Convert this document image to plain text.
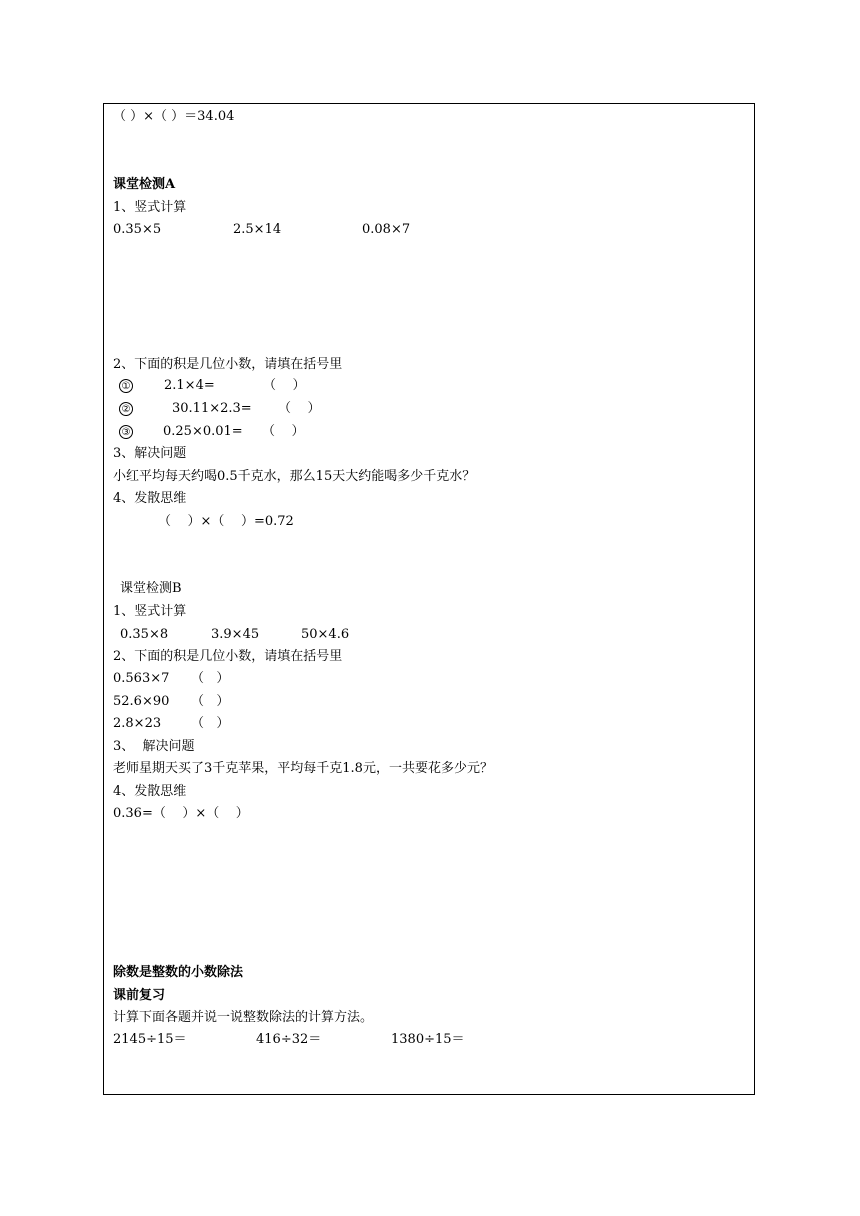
（ ）×（ ）＝34.04
课堂检测A
1、竖式计算
0.35×5	2.5×14	0.08×7
2、下面的积是几位小数，请填在括号里
①	2.1×4=	（    ）
②	30.11×2.3= （    ）
③	0.25×0.01= （    ）
3、解决问题
小红平均每天约喝0.5千克水，那么15天大约能喝多少千克水？
4、发散思维
（    ）×（    ）=0.72
课堂检测B
1、竖式计算
0.35×8	3.9×45	50×4.6
2、下面的积是几位小数，请填在括号里
0.563×7 （   ）
52.6×90 （   ）
2.8×23 （   ）
3、  解决问题
老师星期天买了3千克苹果，平均每千克1.8元，一共要花多少元？
4、发散思维
0.36=（    ）×（    ）
除数是整数的小数除法
课前复习
计算下面各题并说一说整数除法的计算方法。
2145÷15＝	416÷32＝	1380÷15＝
